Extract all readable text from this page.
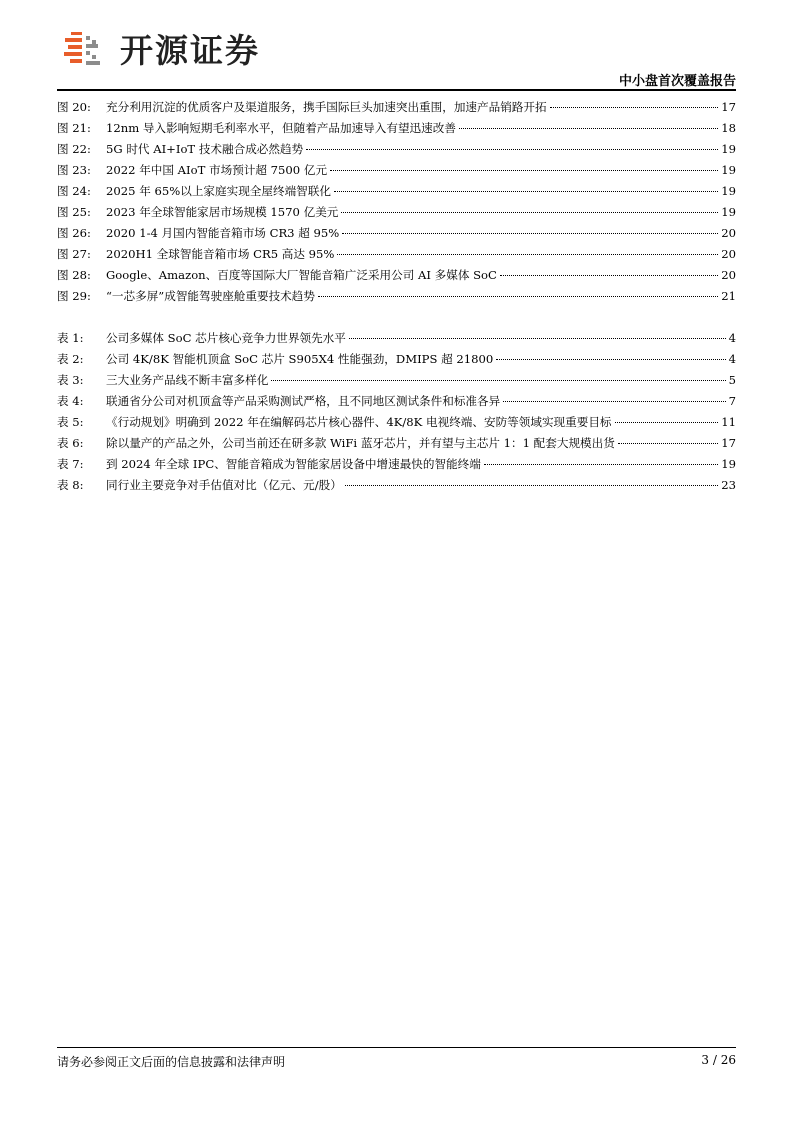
开源证券
中小盘首次覆盖报告
图 20:	充分利用沉淀的优质客户及渠道服务，携手国际巨头加速突出重围，加速产品销路开拓	17
图 21:	12nm 导入影响短期毛利率水平，但随着产品加速导入有望迅速改善	18
图 22:	5G 时代 AI+IoT 技术融合成必然趋势	19
图 23:	2022 年中国 AIoT 市场预计超 7500 亿元	19
图 24:	2025 年 65%以上家庭实现全屋终端智联化	19
图 25:	2023 年全球智能家居市场规模 1570 亿美元	19
图 26:	2020 1-4 月国内智能音箱市场 CR3 超 95%	20
图 27:	2020H1 全球智能音箱市场 CR5 高达 95%	20
图 28:	Google、Amazon、百度等国际大厂智能音箱广泛采用公司 AI 多媒体 SoC	20
图 29:	“一芯多屏”成智能驾驶座舱重要技术趋势	21
表 1:	公司多媒体 SoC 芯片核心竞争力世界领先水平	4
表 2:	公司 4K/8K 智能机顶盒 SoC 芯片 S905X4 性能强劲，DMIPS 超 21800	4
表 3:	三大业务产品线不断丰富多样化	5
表 4:	联通省分公司对机顶盒等产品采购测试严格，且不同地区测试条件和标准各异	7
表 5:	《行动规划》明确到 2022 年在编解码芯片核心器件、4K/8K 电视终端、安防等领域实现重要目标	11
表 6:	除以量产的产品之外，公司当前还在研多款 WiFi 蓝牙芯片，并有望与主芯片 1：1 配套大规模出货	17
表 7:	到 2024 年全球 IPC、智能音箱成为智能家居设备中增速最快的智能终端	19
表 8:	同行业主要竞争对手估值对比（亿元、元/股）	23
请务必参阅正文后面的信息披露和法律声明	3 / 26
